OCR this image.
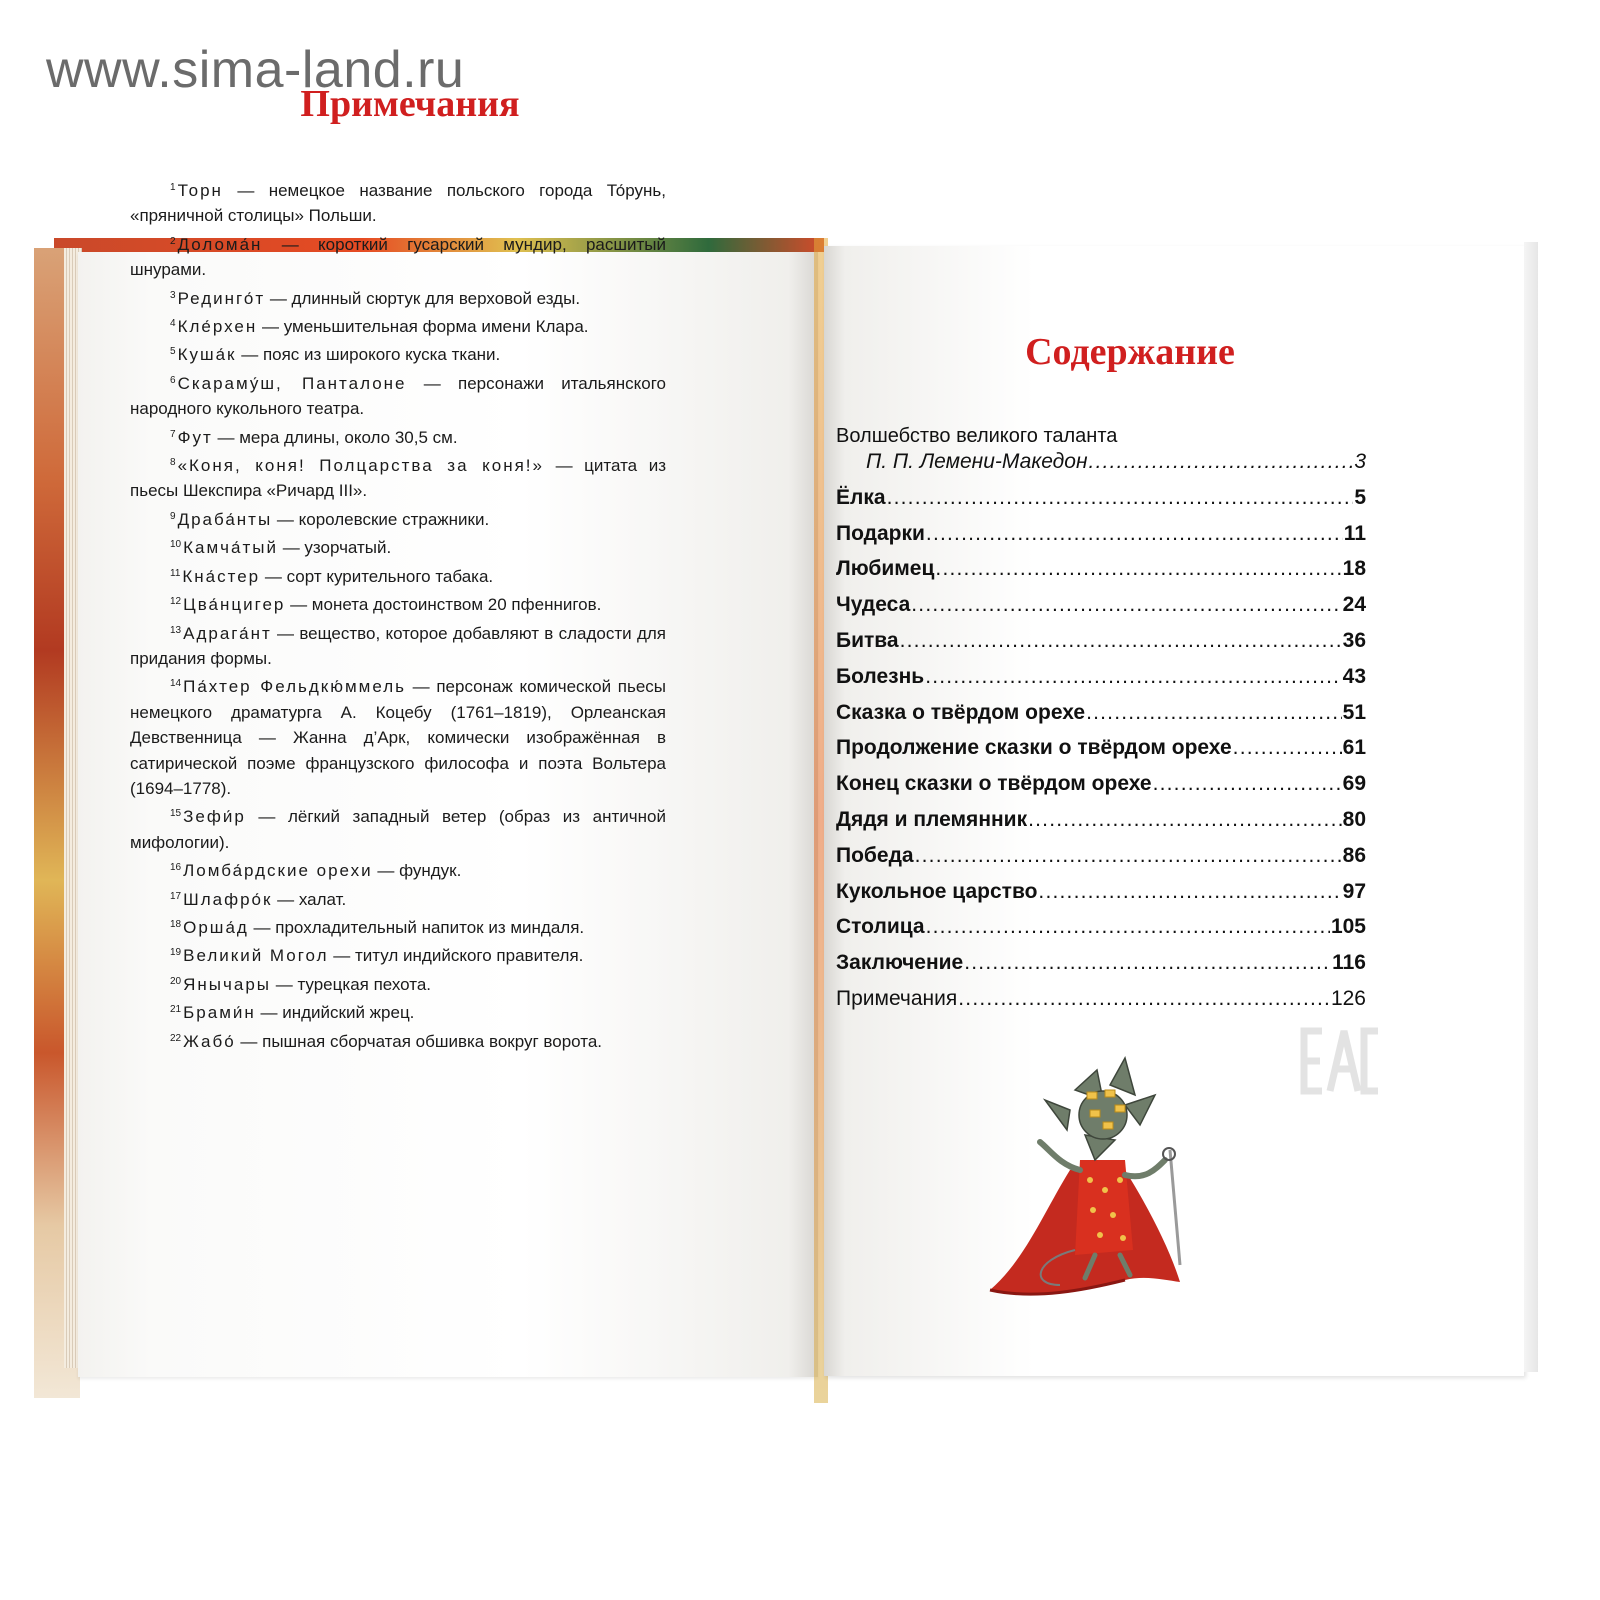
www.sima-land.ru
Примечания
$^1$ Торн — немецкое название польского города То́рунь, «пряничной столицы» Польши.
$^2$ Долома́н — короткий гусарский мундир, расшитый шнурами.
$^3$ Рединго́т — длинный сюртук для верховой езды.
$^4$ Кле́рхен — уменьшительная форма имени Клара.
$^5$ Куша́к — пояс из широкого куска ткани.
$^6$ Скараму́ш, Панталоне — персонажи итальянского народного кукольного театра.
$^7$ Фут — мера длины, около 30,5 см.
$^8$ «Коня, коня! Полцарства за коня!» — цитата из пьесы Шекспира «Ричард III».
$^9$ Драба́нты — королевские стражники.
$^{10}$ Камча́тый — узорчатый.
$^{11}$ Кна́стер — сорт курительного табака.
$^{12}$ Цва́нцигер — монета достоинством 20 пфеннигов.
$^{13}$ Адрага́нт — вещество, которое добавляют в сладости для придания формы.
$^{14}$ Па́хтер Фельдкю́ммель — персонаж комической пьесы немецкого драматурга А. Коцебу (1761–1819), Орлеанская Девственница — Жанна д’Арк, комически изображённая в сатирической поэме французского философа и поэта Вольтера (1694–1778).
$^{15}$ Зефи́р — лёгкий западный ветер (образ из античной мифологии).
$^{16}$ Ломба́рдские орехи — фундук.
$^{17}$ Шлафро́к — халат.
$^{18}$ Орша́д — прохладительный напиток из миндаля.
$^{19}$ Великий Могол — титул индийского правителя.
$^{20}$ Янычары — турецкая пехота.
$^{21}$ Брами́н — индийский жрец.
$^{22}$ Жабо́ — пышная сборчатая обшивка вокруг ворота.
Содержание
Волшебство великого таланта
П. П. Лемени-Македон .....	3
Ёлка .....	5
Подарки .....	11
Любимец .....	18
Чудеса .....	24
Битва .....	36
Болезнь .....	43
Сказка о твёрдом орехе .....	51
Продолжение сказки о твёрдом орехе .....	61
Конец сказки о твёрдом орехе .....	69
Дядя и племянник .....	80
Победа .....	86
Кукольное царство .....	97
Столица .....	105
Заключение .....	116
Примечания .....	126
